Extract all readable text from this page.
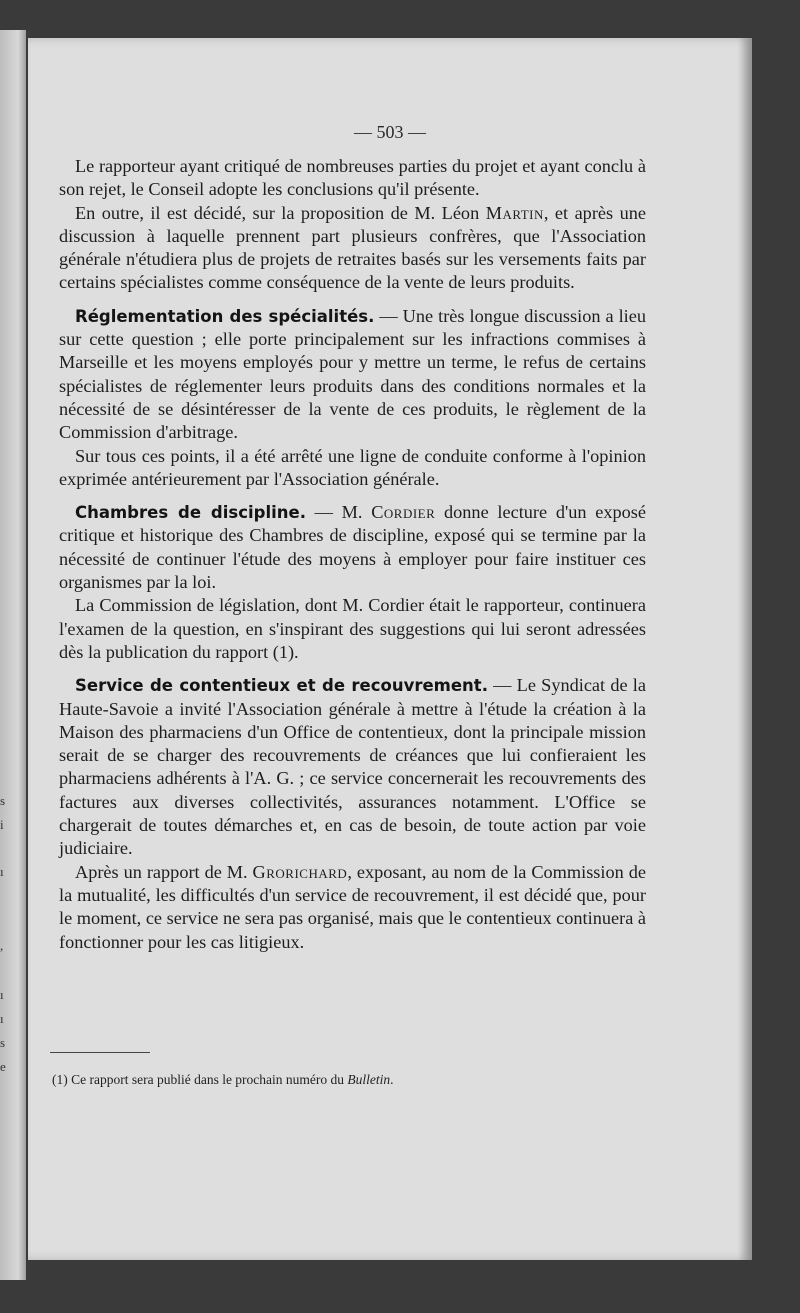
s
i
ı
,
ı
ı
s
e
— 503 —

Le rapporteur ayant critiqué de nombreuses parties du projet et ayant conclu à son rejet, le Conseil adopte les conclusions qu'il présente.

En outre, il est décidé, sur la proposition de M. Léon Martin, et après une discussion à laquelle prennent part plusieurs confrères, que l'Association générale n'étudiera plus de projets de retraites basés sur les versements faits par certains spécialistes comme conséquence de la vente de leurs produits.

Réglementation des spécialités. — Une très longue discussion a lieu sur cette question ; elle porte principalement sur les infractions commises à Marseille et les moyens employés pour y mettre un terme, le refus de certains spécialistes de réglementer leurs produits dans des conditions normales et la nécessité de se désintéresser de la vente de ces produits, le règlement de la Commission d'arbitrage.

Sur tous ces points, il a été arrêté une ligne de conduite conforme à l'opinion exprimée antérieurement par l'Association générale.

Chambres de discipline. — M. Cordier donne lecture d'un exposé critique et historique des Chambres de discipline, exposé qui se termine par la nécessité de continuer l'étude des moyens à employer pour faire instituer ces organismes par la loi.

La Commission de législation, dont M. Cordier était le rapporteur, continuera l'examen de la question, en s'inspirant des suggestions qui lui seront adressées dès la publication du rapport (1).

Service de contentieux et de recouvrement. — Le Syndicat de la Haute-Savoie a invité l'Association générale à mettre à l'étude la création à la Maison des pharmaciens d'un Office de contentieux, dont la principale mission serait de se charger des recouvrements de créances que lui confieraient les pharmaciens adhérents à l'A. G. ; ce service concernerait les recouvrements des factures aux diverses collectivités, assurances notamment. L'Office se chargerait de toutes démarches et, en cas de besoin, de toute action par voie judiciaire.

Après un rapport de M. Grorichard, exposant, au nom de la Commission de la mutualité, les difficultés d'un service de recouvrement, il est décidé que, pour le moment, ce service ne sera pas organisé, mais que le contentieux continuera à fonctionner pour les cas litigieux.

(1) Ce rapport sera publié dans le prochain numéro du Bulletin.
